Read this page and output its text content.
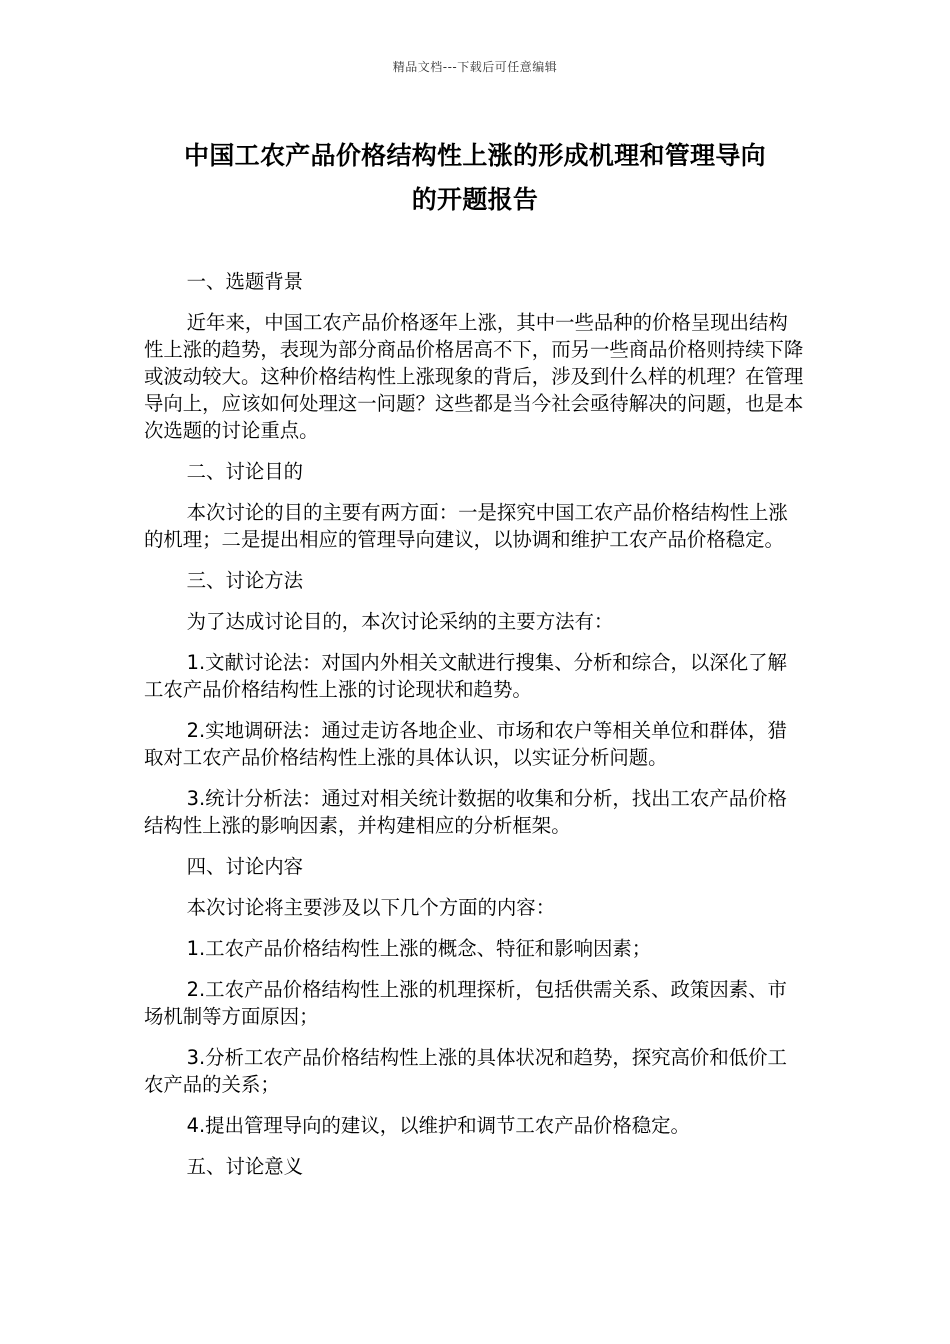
精品文档---下载后可任意编辑
中国工农产品价格结构性上涨的形成机理和管理导向
的开题报告
一、选题背景
近年来，中国工农产品价格逐年上涨，其中一些品种的价格呈现出结构性上涨的趋势，表现为部分商品价格居高不下，而另一些商品价格则持续下降或波动较大。这种价格结构性上涨现象的背后，涉及到什么样的机理？在管理导向上，应该如何处理这一问题？这些都是当今社会亟待解决的问题，也是本次选题的讨论重点。
二、讨论目的
本次讨论的目的主要有两方面：一是探究中国工农产品价格结构性上涨的机理；二是提出相应的管理导向建议，以协调和维护工农产品价格稳定。
三、讨论方法
为了达成讨论目的，本次讨论采纳的主要方法有：
1.文献讨论法：对国内外相关文献进行搜集、分析和综合，以深化了解工农产品价格结构性上涨的讨论现状和趋势。
2.实地调研法：通过走访各地企业、市场和农户等相关单位和群体，猎取对工农产品价格结构性上涨的具体认识，以实证分析问题。
3.统计分析法：通过对相关统计数据的收集和分析，找出工农产品价格结构性上涨的影响因素，并构建相应的分析框架。
四、讨论内容
本次讨论将主要涉及以下几个方面的内容：
1.工农产品价格结构性上涨的概念、特征和影响因素；
2.工农产品价格结构性上涨的机理探析，包括供需关系、政策因素、市场机制等方面原因；
3.分析工农产品价格结构性上涨的具体状况和趋势，探究高价和低价工农产品的关系；
4.提出管理导向的建议，以维护和调节工农产品价格稳定。
五、讨论意义
